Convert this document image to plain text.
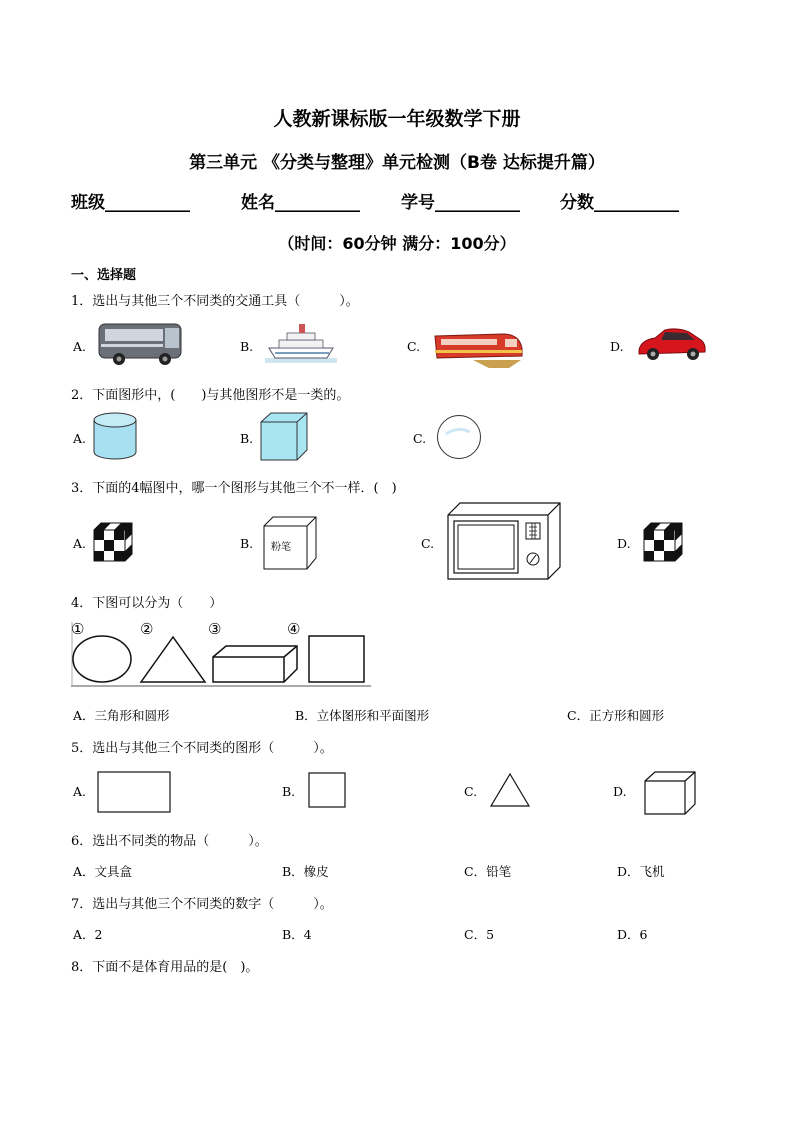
人教新课标版一年级数学下册
第三单元 《分类与整理》单元检测（B卷 达标提升篇）
班级__________	姓名__________ 学号__________ 分数__________
（时间：60分钟 满分：100分）
一、选择题
1．选出与其他三个不同类的交通工具（　　　）。
A.	B.	C.	D.
2．下面图形中，(　　)与其他图形不是一类的。
A.	B.	C.
3．下面的4幅图中，哪一个图形与其他三个不一样．(　)
A.	B. 粉笔	C.	D.
4．下图可以分为（　　）
①	②	③	④
A．三角形和圆形	B．立体图形和平面图形	C．正方形和圆形
5．选出与其他三个不同类的图形（　　　）。
A.	B.	C.	D.
6．选出不同类的物品（　　　）。
A．文具盒	B．橡皮	C．铅笔	D．飞机
7．选出与其他三个不同类的数字（　　　）。
A．2	B．4	C．5	D．6
8．下面不是体育用品的是(　)。
